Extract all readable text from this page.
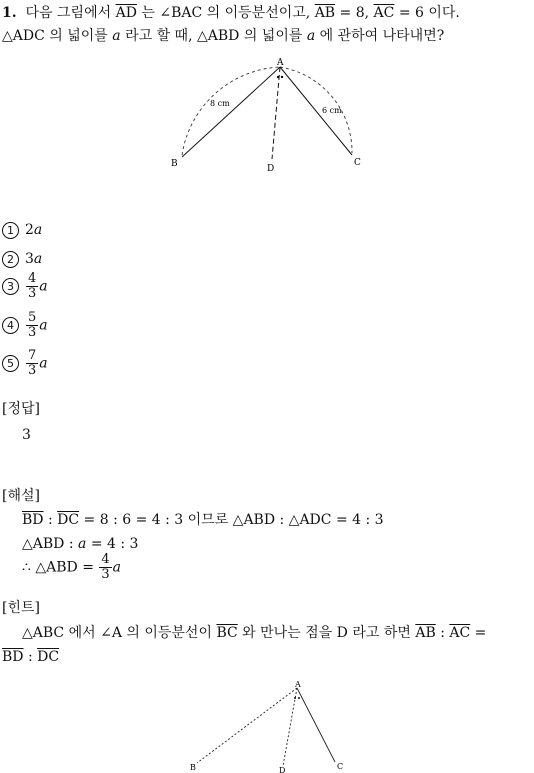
1. 다음 그림에서 $\overline{AD}$ 는 ∠BAC 의 이등분선이고, $\overline{AB} = 8$, $\overline{AC} = 6$ 이다.
△ADC 의 넓이를 a 라고 할 때, △ABD 의 넓이를 a 에 관하여 나타내면?
A
B	C
D
8 cm
6 cm
1 2a
2 3a
$3 \frac{4}{3}$ a
$4 \frac{5}{3}$ a
$5 \frac{7}{3}$ a
[정답]
3
[해설]
$\overline{BD}$ : $\overline{DC} = 8$ : 6 = 4 : 3 이므로 △ABD : △ADC = 4 : 3
△ABD : a = 4 : 3
∴ △ABD = $\frac{4}{3}$ a
[힌트]
△ABC 에서 ∠A 의 이등분선이 $\overline{BC}$ 와 만나는 점을 D 라고 하면 $\overline{AB}$ : $\overline{AC}$ =
$\overline{BD}$ : $\overline{DC}$
A
B	C
D
